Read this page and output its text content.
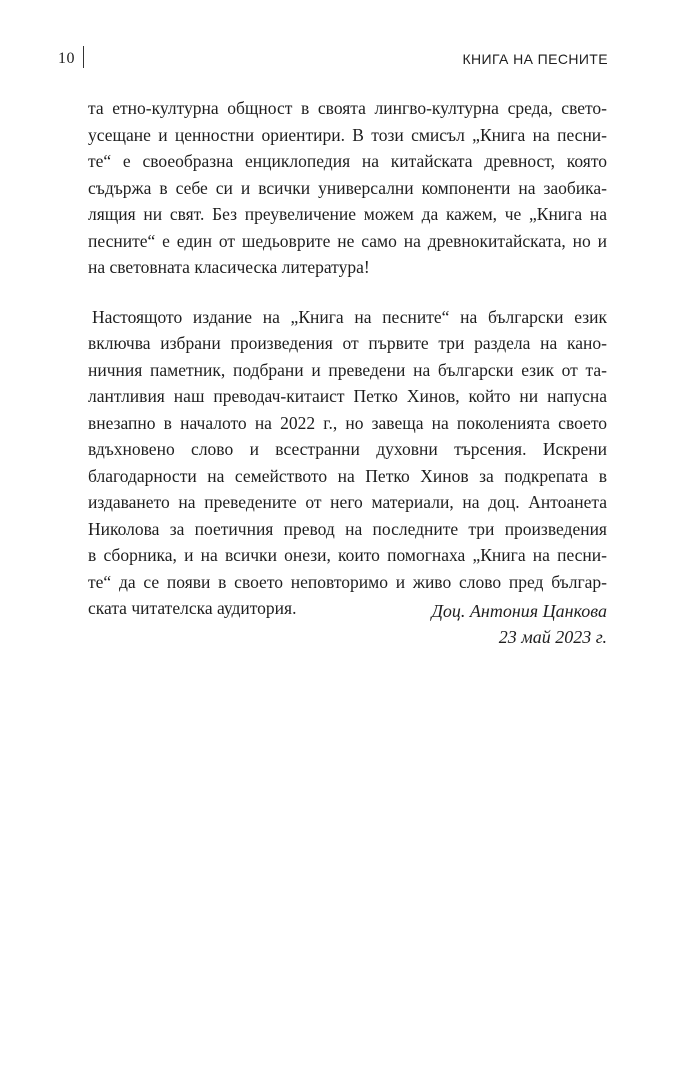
10	КНИГА НА ПЕСНИТЕ

та етно-културна общност в своята лингво-културна среда, свето-
усещане и ценностни ориентири. В този смисъл „Книга на песни-
те“ е своеобразна енциклопедия на китайската древност, която
съдържа в себе си и всички универсални компоненти на заобика-
лящия ни свят. Без преувеличение можем да кажем, че „Книга на
песните“ е един от шедьоврите не само на древнокитайската, но и
на световната класическа литература!

Настоящото издание на „Книга на песните“ на български език
включва избрани произведения от първите три раздела на кано-
ничния паметник, подбрани и преведени на български език от та-
лантливия наш преводач-китаист Петко Хинов, който ни напусна
внезапно в началото на 2022 г., но завеща на поколенията своето
вдъхновено слово и всестранни духовни търсения. Искрени
благодарности на семейството на Петко Хинов за подкрепата в
издаването на преведените от него материали, на доц. Антоанета
Николова за поетичния превод на последните три произведения
в сборника, и на всички онези, които помогнаха „Книга на песни-
те“ да се появи в своето неповторимо и живо слово пред българ-
ската читателска аудитория.	Доц. Антония Цанкова
23 май 2023 г.
